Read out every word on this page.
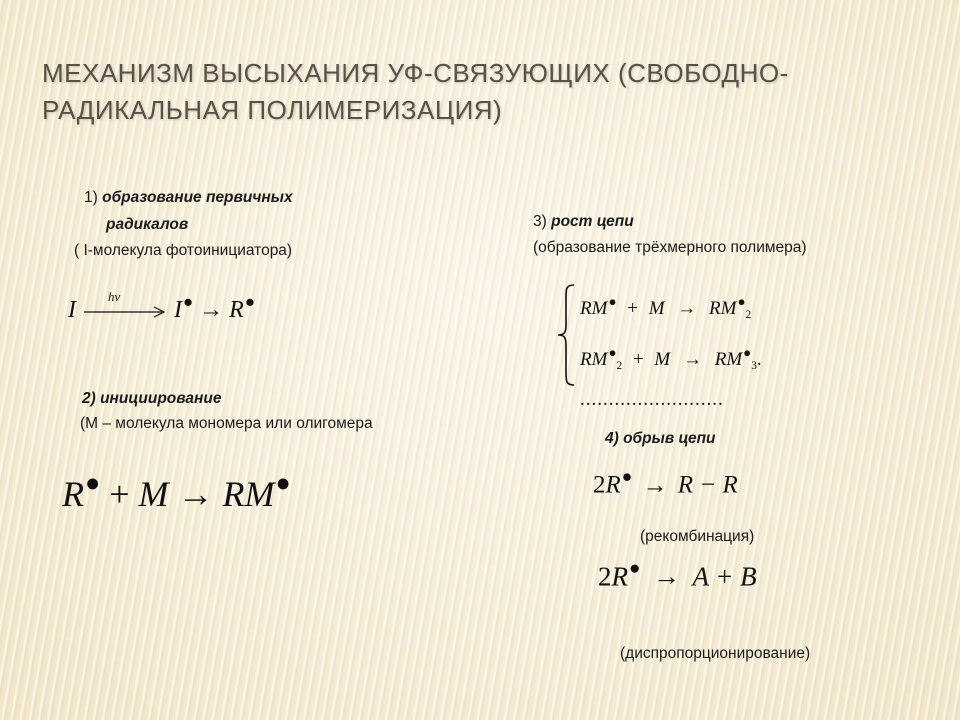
МЕХАНИЗМ ВЫСЫХАНИЯ УФ-СВЯЗУЮЩИХ (СВОБОДНО-РАДИКАЛЬНАЯ ПОЛИМЕРИЗАЦИЯ)
1) образование первичных
радикалов
( I-молекула фотоинициатора)
I
hν
I● → R●
2) инициирование
(М – молекула мономера или олигомера
R● + M → RM●
3) рост цепи
(образование трёхмерного полимера)
$RM^● + M \to RM^●_2$
$RM^●_2 + M \to RM^●_3$.
.........................
4) обрыв цепи
2R● → R − R
(рекомбинация)
2R● → A + B
(диспропорционирование)
